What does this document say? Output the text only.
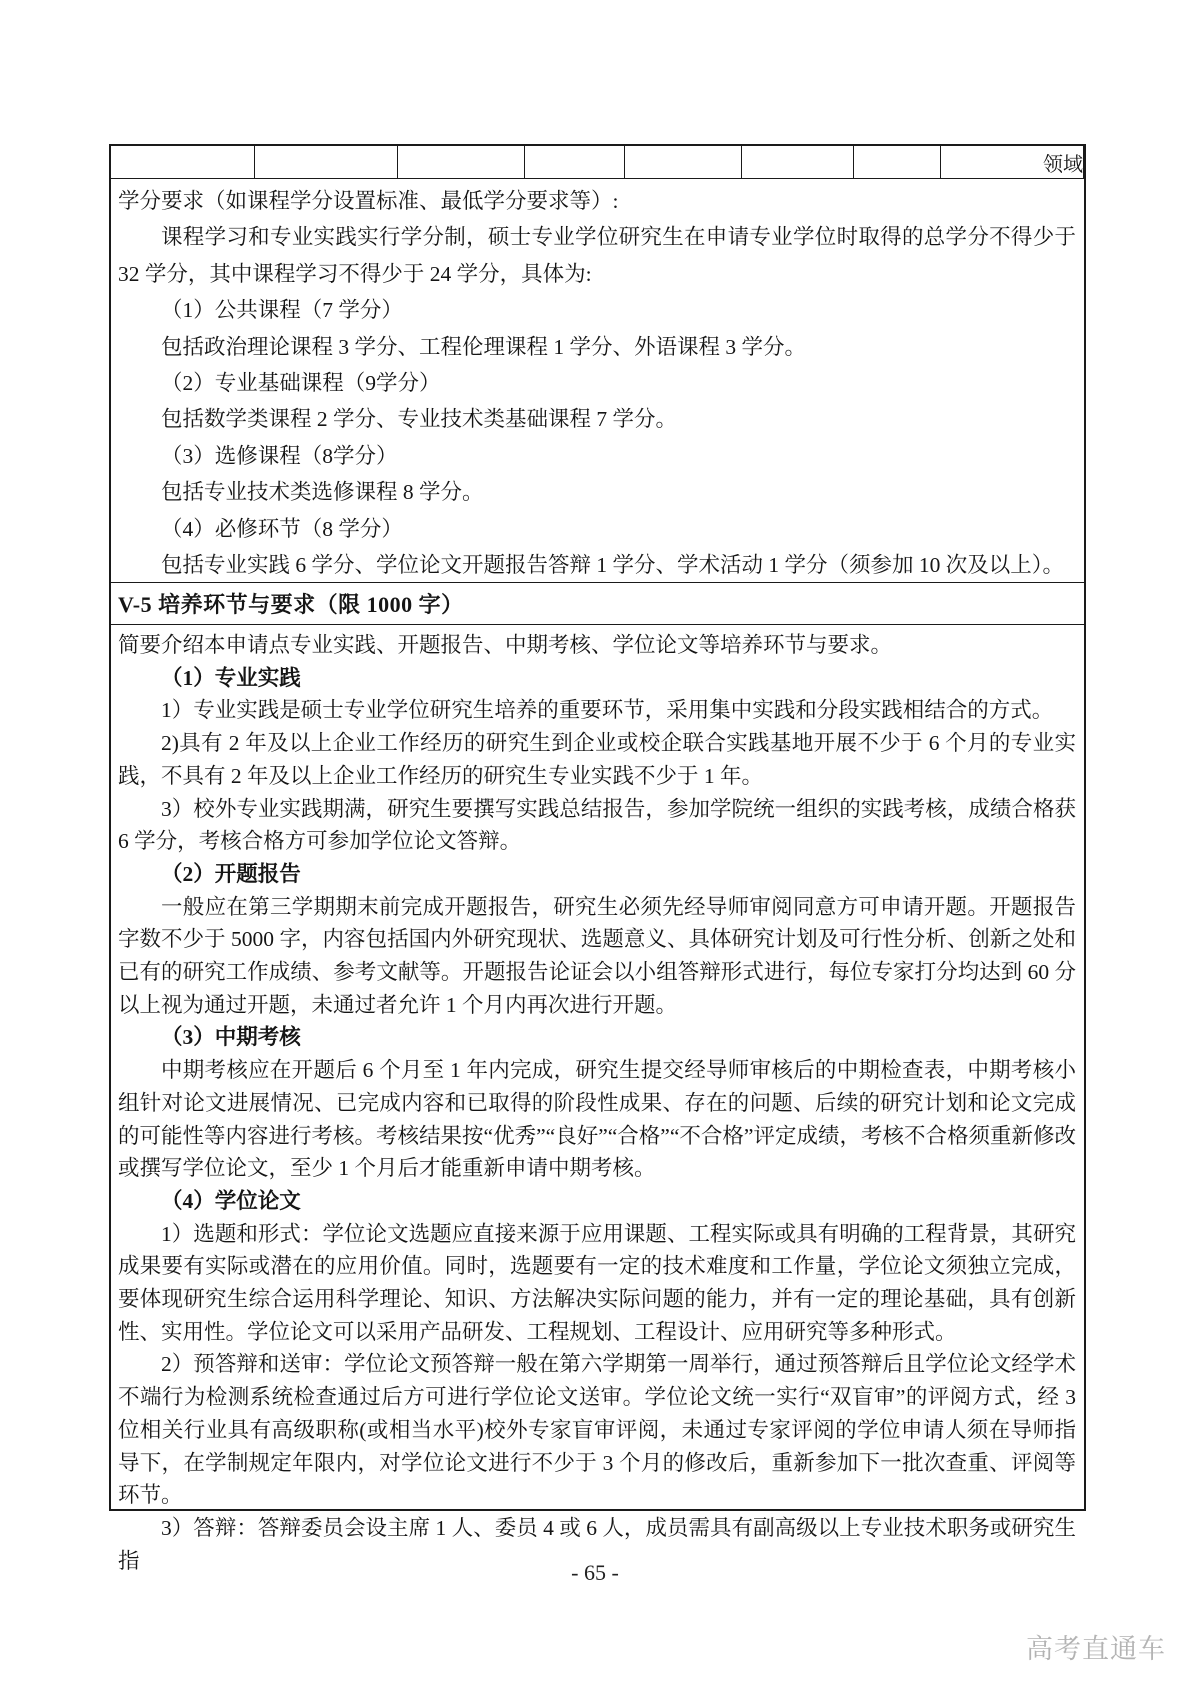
领域

学分要求（如课程学分设置标准、最低学分要求等）:

课程学习和专业实践实行学分制，硕士专业学位研究生在申请专业学位时取得的总学分不得少于 32 学分，其中课程学习不得少于 24 学分，具体为:

（1）公共课程（7 学分）

包括政治理论课程 3 学分、工程伦理课程 1 学分、外语课程 3 学分。

（2）专业基础课程（9学分）

包括数学类课程 2 学分、专业技术类基础课程 7 学分。

（3）选修课程（8学分）

包括专业技术类选修课程 8 学分。

（4）必修环节（8 学分）

包括专业实践 6 学分、学位论文开题报告答辩 1 学分、学术活动 1 学分（须参加 10 次及以上）。

V-5 培养环节与要求（限 1000 字）

简要介绍本申请点专业实践、开题报告、中期考核、学位论文等培养环节与要求。

（1）专业实践

1）专业实践是硕士专业学位研究生培养的重要环节，采用集中实践和分段实践相结合的方式。

2)具有 2 年及以上企业工作经历的研究生到企业或校企联合实践基地开展不少于 6 个月的专业实践，不具有 2 年及以上企业工作经历的研究生专业实践不少于 1 年。

3）校外专业实践期满，研究生要撰写实践总结报告，参加学院统一组织的实践考核，成绩合格获 6 学分，考核合格方可参加学位论文答辩。

（2）开题报告

一般应在第三学期期末前完成开题报告，研究生必须先经导师审阅同意方可申请开题。开题报告字数不少于 5000 字，内容包括国内外研究现状、选题意义、具体研究计划及可行性分析、创新之处和已有的研究工作成绩、参考文献等。开题报告论证会以小组答辩形式进行，每位专家打分均达到 60 分以上视为通过开题，未通过者允许 1 个月内再次进行开题。

（3）中期考核

中期考核应在开题后 6 个月至 1 年内完成，研究生提交经导师审核后的中期检查表，中期考核小组针对论文进展情况、已完成内容和已取得的阶段性成果、存在的问题、后续的研究计划和论文完成的可能性等内容进行考核。考核结果按“优秀”“良好”“合格”“不合格”评定成绩，考核不合格须重新修改或撰写学位论文，至少 1 个月后才能重新申请中期考核。

（4）学位论文

1）选题和形式：学位论文选题应直接来源于应用课题、工程实际或具有明确的工程背景，其研究成果要有实际或潜在的应用价值。同时，选题要有一定的技术难度和工作量，学位论文须独立完成，要体现研究生综合运用科学理论、知识、方法解决实际问题的能力，并有一定的理论基础，具有创新性、实用性。学位论文可以采用产品研发、工程规划、工程设计、应用研究等多种形式。

2）预答辩和送审：学位论文预答辩一般在第六学期第一周举行，通过预答辩后且学位论文经学术不端行为检测系统检查通过后方可进行学位论文送审。学位论文统一实行“双盲审”的评阅方式，经 3 位相关行业具有高级职称(或相当水平)校外专家盲审评阅，未通过专家评阅的学位申请人须在导师指导下，在学制规定年限内，对学位论文进行不少于 3 个月的修改后，重新参加下一批次查重、评阅等环节。

3）答辩：答辩委员会设主席 1 人、委员 4 或 6 人，成员需具有副高级以上专业技术职务或研究生指	- 65 -
高考直通车
